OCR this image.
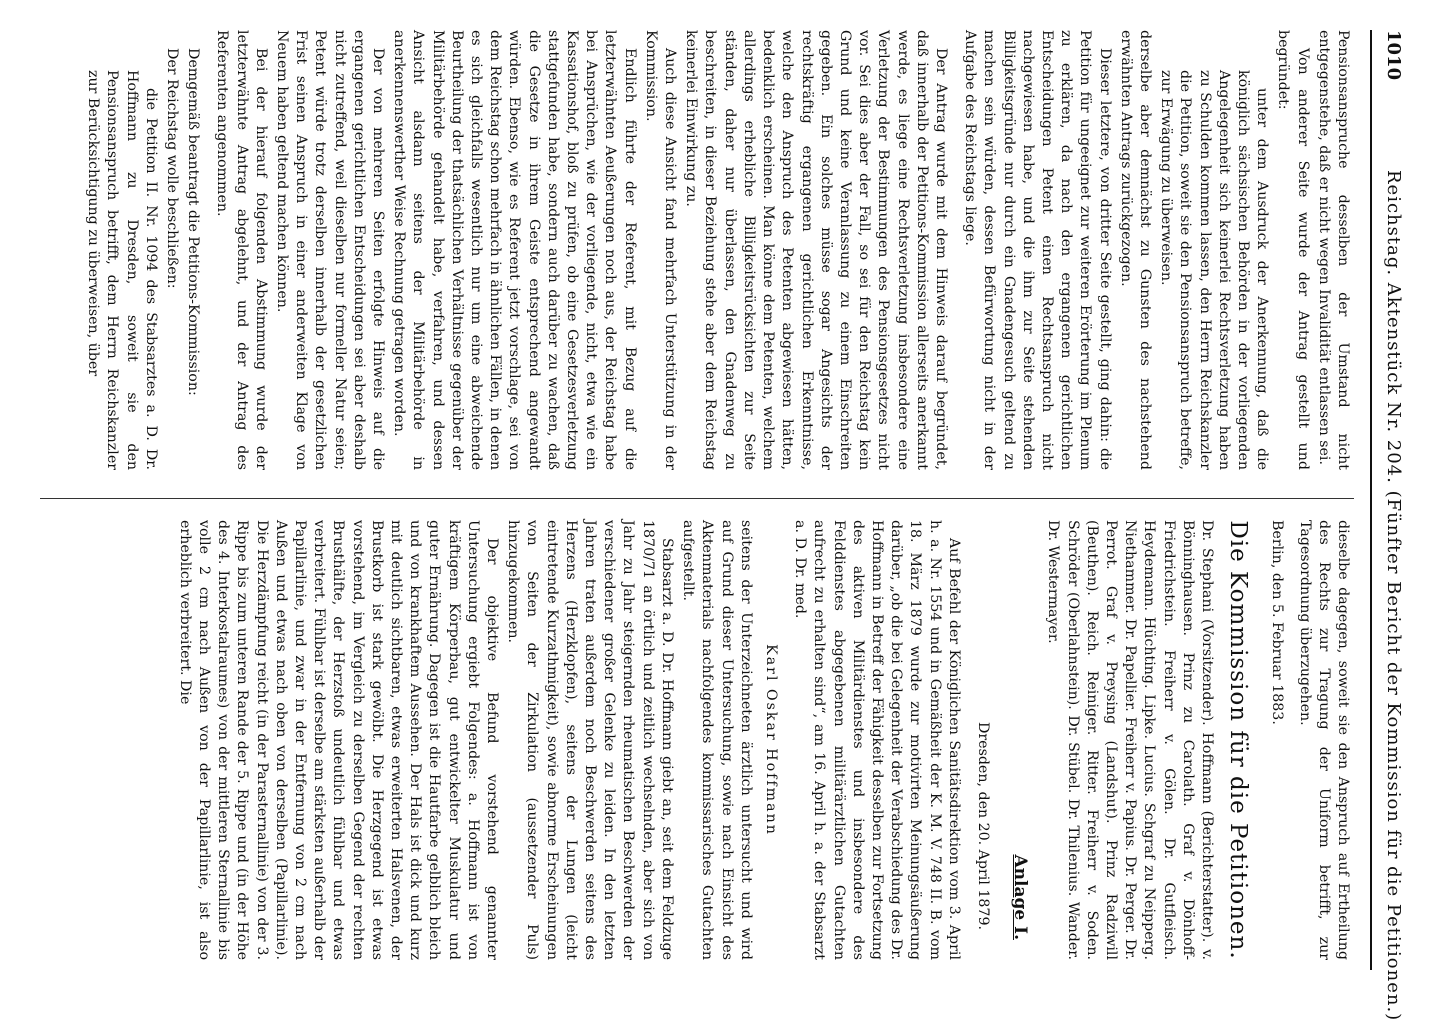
1010
Reichstag. Aktenstück Nr. 204. (Fünfter Bericht der Kommission für die Petitionen.)

Pensionsanspruche desselben der Umstand nicht entgegenstehe, daß er nicht wegen Invalidität entlassen sei.

Von anderer Seite wurde der Antrag gestellt und begründet:

unter dem Ausdruck der Anerkennung, daß die königlich sächsischen Behörden in der vorliegenden Angelegenheit sich keinerlei Rechtsverletzung haben zu Schulden kommen lassen, den Herrn Reichskanzler die Petition, soweit sie den Pensionsanspruch betreffe, zur Erwägung zu überweisen.

derselbe aber demnächst zu Gunsten des nachstehend erwähnten Antrags zurückgezogen.

Dieser letztere, von dritter Seite gestellt, ging dahin: die Petition für ungeeignet zur weiteren Erörterung im Plenum zu erklären, da nach den ergangenen gerichtlichen Entscheidungen Petent einen Rechtsanspruch nicht nachgewiesen habe, und die ihm zur Seite stehenden Billigkeitsgründe nur durch ein Gnadengesuch geltend zu machen sein würden, dessen Befürwortung nicht in der Aufgabe des Reichstags liege.

Der Antrag wurde mit dem Hinweis darauf begründet, daß innerhalb der Petitions-Kommission allerseits anerkannt werde, es liege eine Rechtsverletzung insbesondere eine Verletzung der Bestimmungen des Pensionsgesetzes nicht vor. Sei dies aber der Fall, so sei für den Reichstag kein Grund und keine Veranlassung zu einem Einschreiten gegeben. Ein solches müsse sogar Angesichts der rechtskräftig ergangenen gerichtlichen Erkenntnisse, welche den Anspruch des Petenten abgewiesen hätten, bedenklich erscheinen. Man könne dem Petenten, welchem allerdings erhebliche Billigkeitsrücksichten zur Seite ständen, daher nur überlassen, den Gnadenweg zu beschreiten, in dieser Beziehung stehe aber dem Reichstag keinerlei Einwirkung zu.

Auch diese Ansicht fand mehrfach Unterstützung in der Kommission.

Endlich führte der Referent, mit Bezug auf die letzterwähnten Aeußerungen noch aus, der Reichstag habe bei Ansprüchen, wie der vorliegende, nicht, etwa wie ein Kassationshof, bloß zu prüfen, ob eine Gesetzesverletzung stattgefunden habe, sondern auch darüber zu wachen, daß die Gesetze in ihrem Geiste entsprechend angewandt würden. Ebenso, wie es Referent jetzt vorschlage, sei von dem Reichstag schon mehrfach in ähnlichen Fällen, in denen es sich gleichfalls wesentlich nur um eine abweichende Beurtheilung der thatsächlichen Verhältnisse gegenüber der Militärbehörde gehandelt habe, verfahren, und dessen Ansicht alsdann seitens der Militärbehörde in anerkennenswerther Weise Rechnung getragen worden.

Der von mehreren Seiten erfolgte Hinweis auf die ergangenen gerichtlichen Entscheidungen sei aber deshalb nicht zutreffend, weil dieselben nur formeller Natur seien; Petent würde trotz derselben innerhalb der gesetzlichen Frist seinen Anspruch in einer anderweiten Klage von Neuem haben geltend machen können.

Bei der hierauf folgenden Abstimmung wurde der letzterwähnte Antrag abgelehnt, und der Antrag des Referenten angenommen.

Demgemäß beantragt die Petitions-Kommission:

Der Reichstag wolle beschließen:

die Petition II. Nr. 1094 des Stabsarztes a. D. Dr. Hoffmann zu Dresden, soweit sie den Pensionsanspruch betrifft, dem Herrn Reichskanzler zur Berücksichtigung zu überweisen, über

dieselbe dagegen, soweit sie den Anspruch auf Ertheilung des Rechts zur Tragung der Uniform betrifft, zur Tagesordnung überzugehen.

Berlin, den 5. Februar 1883.

Die Kommission für die Petitionen.

Dr. Stephani (Vorsitzender). Hoffmann (Berichterstatter). v. Bönninghausen. Prinz zu Carolath. Graf v. Dönhoff-Friedrichstein. Freiherr v. Gölen. Dr. Gutfleisch. Heydemann. Hüchting. Lipke. Lucius. Schgraf zu Neipperg. Niethammer. Dr. Papellier. Freiherr v. Papius. Dr. Perger. Dr. Perrot. Graf v. Preysing (Landshut). Prinz Radziwill (Beuthen). Reich. Reiniger. Ritter. Freiherr v. Soden. Schröder (Oberlahnstein). Dr. Stübel. Dr. Thilenius. Wander. Dr. Westermayer.

Anlage I.
Dresden, den 20. April 1879.

Auf Befehl der Königlichen Sanitätsdirektion vom 3. April h. a. Nr. 1554 und in Gemäßheit der K. M. V. 748 II. B. vom 18. März 1879 wurde zur motivirten Meinungsäußerung darüber, „ob die bei Gelegenheit der Verabschiedung des Dr. Hoffmann in Betreff der Fähigkeit desselben zur Fortsetzung des aktiven Militärdienstes und insbesondere des Felddienstes abgegebenen militärärztlichen Gutachten aufrecht zu erhalten sind“, am 16. April h. a. der Stabsarzt a. D. Dr. med.

Karl Oskar Hoffmann

seitens der Unterzeichneten ärztlich untersucht und wird auf Grund dieser Untersuchung, sowie nach Einsicht des Aktenmaterials nachfolgendes kommissarisches Gutachten aufgestellt.

Stabsarzt a. D. Dr. Hoffmann giebt an, seit dem Feldzuge 1870/71 an örtlich und zeitlich wechselnden, aber sich von Jahr zu Jahr steigernden rheumatischen Beschwerden der verschiedener großer Gelenke zu leiden. In den letzten Jahren traten außerdem noch Beschwerden seitens des Herzens (Herzklopfen), seitens der Lungen (leicht eintretende Kurzathmigkeit), sowie abnorme Erscheinungen von Seiten der Zirkulation (aussetzender Puls) hinzugekommen.

Der objektive Befund vorstehend genannter Untersuchung ergiebt Folgendes: a. Hoffmann ist von kräftigem Körperbau, gut entwickelter Muskulatur und guter Ernährung. Dagegen ist die Hautfarbe gelblich bleich und von krankhaftem Aussehen. Der Hals ist dick und kurz mit deutlich sichtbaren, etwas erweiterten Halsvenen, der Brustkorb ist stark gewölbt. Die Herzgegend ist etwas vorstehend, im Vergleich zu derselben Gegend der rechten Brusthälfte, der Herzstoß undeutlich fühlbar und etwas verbreitert. Fühlbar ist derselbe am stärksten außerhalb der Papillarlinie, und zwar in der Entfernung von 2 cm nach Außen und etwas nach oben von derselben (Papillarlinie). Die Herzdämpfung reicht (in der Parasternallinie) von der 3. Rippe bis zum unteren Rande der 5. Rippe und (in der Höhe des 4. Interkostalraumes) von der mittleren Sternallinie bis volle 2 cm nach Außen von der Papillarlinie, ist also erheblich verbreitert. Die
